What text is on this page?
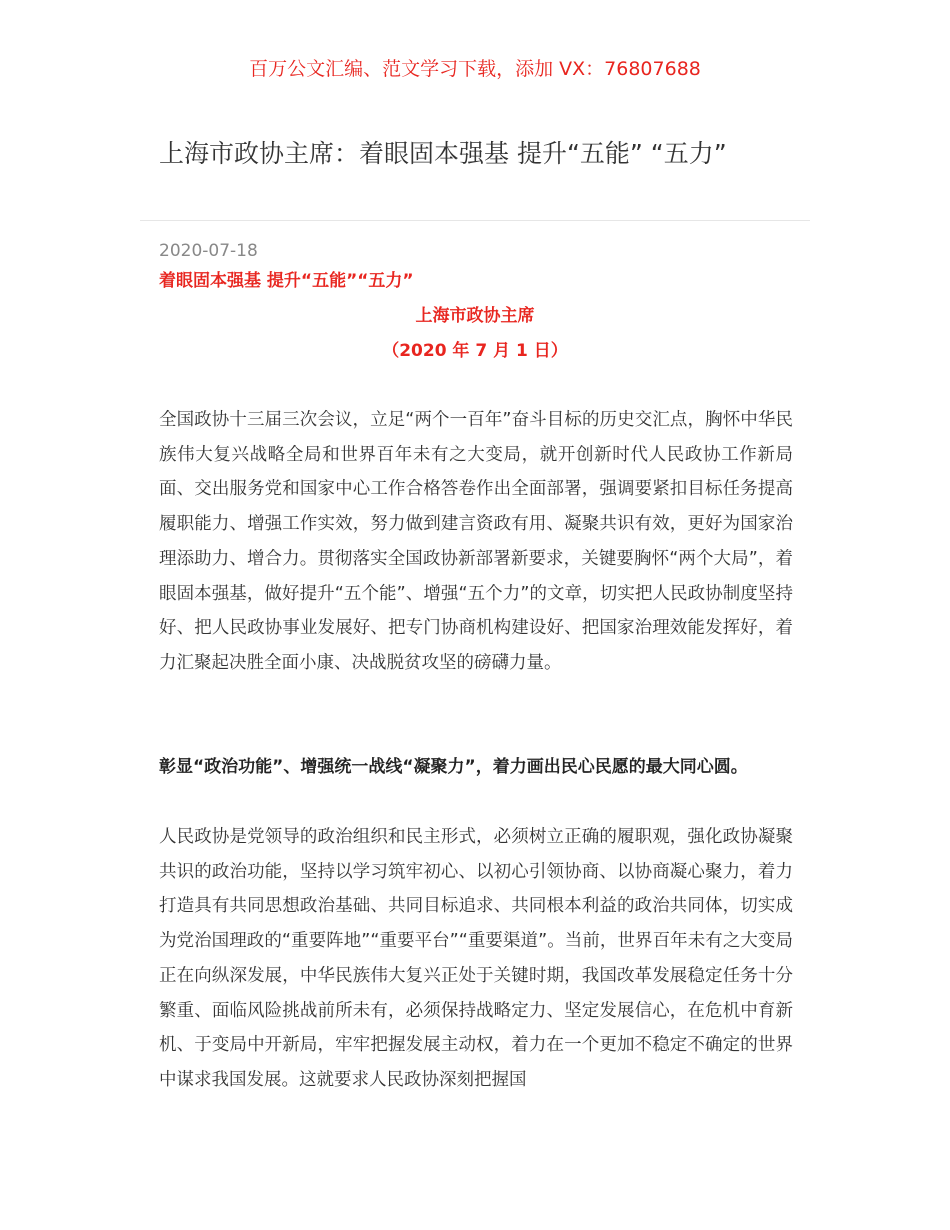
百万公文汇编、范文学习下载，添加 VX：76807688
上海市政协主席：着眼固本强基 提升“五能” “五力”
2020-07-18
着眼固本强基 提升“五能”“五力”
上海市政协主席
（2020 年 7 月 1 日）

全国政协十三届三次会议，立足“两个一百年”奋斗目标的历史交汇点，胸怀中华民族伟大复兴战略全局和世界百年未有之大变局，就开创新时代人民政协工作新局面、交出服务党和国家中心工作合格答卷作出全面部署，强调要紧扣目标任务提高履职能力、增强工作实效，努力做到建言资政有用、凝聚共识有效，更好为国家治理添助力、增合力。贯彻落实全国政协新部署新要求，关键要胸怀“两个大局”，着眼固本强基，做好提升“五个能”、增强“五个力”的文章，切实把人民政协制度坚持好、把人民政协事业发展好、把专门协商机构建设好、把国家治理效能发挥好，着力汇聚起决胜全面小康、决战脱贫攻坚的磅礴力量。

彰显“政治功能”、增强统一战线“凝聚力”，着力画出民心民愿的最大同心圆。

人民政协是党领导的政治组织和民主形式，必须树立正确的履职观，强化政协凝聚共识的政治功能，坚持以学习筑牢初心、以初心引领协商、以协商凝心聚力，着力打造具有共同思想政治基础、共同目标追求、共同根本利益的政治共同体，切实成为党治国理政的“重要阵地”“重要平台”“重要渠道”。当前，世界百年未有之大变局正在向纵深发展，中华民族伟大复兴正处于关键时期，我国改革发展稳定任务十分繁重、面临风险挑战前所未有，必须保持战略定力、坚定发展信心，在危机中育新机、于变局中开新局，牢牢把握发展主动权，着力在一个更加不稳定不确定的世界中谋求我国发展。这就要求人民政协深刻把握国
